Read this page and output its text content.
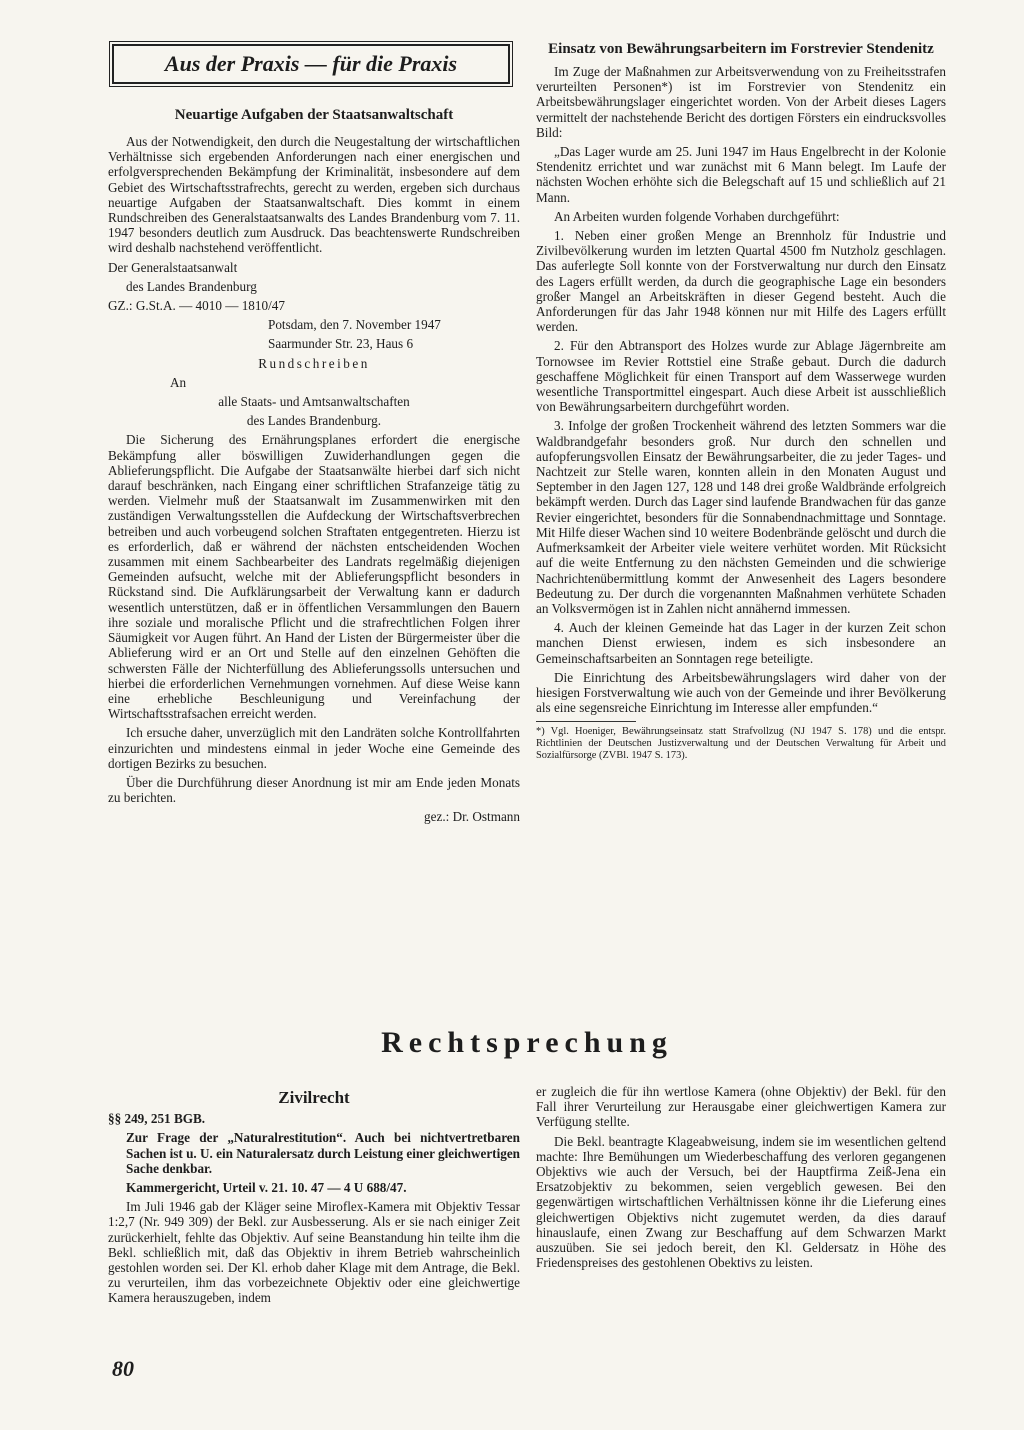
Aus der Praxis — für die Praxis
Neuartige Aufgaben der Staatsanwaltschaft

Aus der Notwendigkeit, den durch die Neugestaltung der wirtschaftlichen Verhältnisse sich ergebenden Anforderungen nach einer energischen und erfolgversprechenden Bekämpfung der Kriminalität, insbesondere auf dem Gebiet des Wirtschaftsstrafrechts, gerecht zu werden, ergeben sich durchaus neuartige Aufgaben der Staatsanwaltschaft. Dies kommt in einem Rundschreiben des Generalstaatsanwalts des Landes Brandenburg vom 7. 11. 1947 besonders deutlich zum Ausdruck. Das beachtenswerte Rundschreiben wird deshalb nachstehend veröffentlicht.

Der Generalstaatsanwalt

des Landes Brandenburg

GZ.: G.St.A. — 4010 — 1810/47

Potsdam, den 7. November 1947

Saarmunder Str. 23, Haus 6

Rundschreiben

An

alle Staats- und Amtsanwaltschaften

des Landes Brandenburg.

Die Sicherung des Ernährungsplanes erfordert die energische Bekämpfung aller böswilligen Zuwiderhandlungen gegen die Ablieferungspflicht. Die Aufgabe der Staatsanwälte hierbei darf sich nicht darauf beschränken, nach Eingang einer schriftlichen Strafanzeige tätig zu werden. Vielmehr muß der Staatsanwalt im Zusammenwirken mit den zuständigen Verwaltungsstellen die Aufdeckung der Wirtschaftsverbrechen betreiben und auch vorbeugend solchen Straftaten entgegentreten. Hierzu ist es erforderlich, daß er während der nächsten entscheidenden Wochen zusammen mit einem Sachbearbeiter des Landrats regelmäßig diejenigen Gemeinden aufsucht, welche mit der Ablieferungspflicht besonders in Rückstand sind. Die Aufklärungsarbeit der Verwaltung kann er dadurch wesentlich unterstützen, daß er in öffentlichen Versammlungen den Bauern ihre soziale und moralische Pflicht und die strafrechtlichen Folgen ihrer Säumigkeit vor Augen führt. An Hand der Listen der Bürgermeister über die Ablieferung wird er an Ort und Stelle auf den einzelnen Gehöften die schwersten Fälle der Nichterfüllung des Ablieferungssolls untersuchen und hierbei die erforderlichen Vernehmungen vornehmen. Auf diese Weise kann eine erhebliche Beschleunigung und Vereinfachung der Wirtschaftsstrafsachen erreicht werden.

Ich ersuche daher, unverzüglich mit den Landräten solche Kontrollfahrten einzurichten und mindestens einmal in jeder Woche eine Gemeinde des dortigen Bezirks zu besuchen.

Über die Durchführung dieser Anordnung ist mir am Ende jeden Monats zu berichten.

gez.: Dr. Ostmann

Einsatz von Bewährungsarbeitern im Forstrevier Stendenitz

Im Zuge der Maßnahmen zur Arbeitsverwendung von zu Freiheitsstrafen verurteilten Personen*) ist im Forstrevier von Stendenitz ein Arbeitsbewährungslager eingerichtet worden. Von der Arbeit dieses Lagers vermittelt der nachstehende Bericht des dortigen Försters ein eindrucksvolles Bild:

„Das Lager wurde am 25. Juni 1947 im Haus Engelbrecht in der Kolonie Stendenitz errichtet und war zunächst mit 6 Mann belegt. Im Laufe der nächsten Wochen erhöhte sich die Belegschaft auf 15 und schließlich auf 21 Mann.

An Arbeiten wurden folgende Vorhaben durchgeführt:

1. Neben einer großen Menge an Brennholz für Industrie und Zivilbevölkerung wurden im letzten Quartal 4500 fm Nutzholz geschlagen. Das auferlegte Soll konnte von der Forstverwaltung nur durch den Einsatz des Lagers erfüllt werden, da durch die geographische Lage ein besonders großer Mangel an Arbeitskräften in dieser Gegend besteht. Auch die Anforderungen für das Jahr 1948 können nur mit Hilfe des Lagers erfüllt werden.

2. Für den Abtransport des Holzes wurde zur Ablage Jägernbreite am Tornowsee im Revier Rottstiel eine Straße gebaut. Durch die dadurch geschaffene Möglichkeit für einen Transport auf dem Wasserwege wurden wesentliche Transportmittel eingespart. Auch diese Arbeit ist ausschließlich von Bewährungsarbeitern durchgeführt worden.

3. Infolge der großen Trockenheit während des letzten Sommers war die Waldbrandgefahr besonders groß. Nur durch den schnellen und aufopferungsvollen Einsatz der Bewährungsarbeiter, die zu jeder Tages- und Nachtzeit zur Stelle waren, konnten allein in den Monaten August und September in den Jagen 127, 128 und 148 drei große Waldbrände erfolgreich bekämpft werden. Durch das Lager sind laufende Brandwachen für das ganze Revier eingerichtet, besonders für die Sonnabendnachmittage und Sonntage. Mit Hilfe dieser Wachen sind 10 weitere Bodenbrände gelöscht und durch die Aufmerksamkeit der Arbeiter viele weitere verhütet worden. Mit Rücksicht auf die weite Entfernung zu den nächsten Gemeinden und die schwierige Nachrichtenübermittlung kommt der Anwesenheit des Lagers besondere Bedeutung zu. Der durch die vorgenannten Maßnahmen verhütete Schaden an Volksvermögen ist in Zahlen nicht annähernd immessen.

4. Auch der kleinen Gemeinde hat das Lager in der kurzen Zeit schon manchen Dienst erwiesen, indem es sich insbesondere an Gemeinschaftsarbeiten an Sonntagen rege beteiligte.

Die Einrichtung des Arbeitsbewährungslagers wird daher von der hiesigen Forstverwaltung wie auch von der Gemeinde und ihrer Bevölkerung als eine segensreiche Einrichtung im Interesse aller empfunden.“

*) Vgl. Hoeniger, Bewährungseinsatz statt Strafvollzug (NJ 1947 S. 178) und die entspr. Richtlinien der Deutschen Justizverwaltung und der Deutschen Verwaltung für Arbeit und Sozialfürsorge (ZVBl. 1947 S. 173).

Rechtsprechung
Zivilrecht

§§ 249, 251 BGB.

Zur Frage der „Naturalrestitution“. Auch bei nichtvertretbaren Sachen ist u. U. ein Naturalersatz durch Leistung einer gleichwertigen Sache denkbar.

Kammergericht, Urteil v. 21. 10. 47 — 4 U 688/47.

Im Juli 1946 gab der Kläger seine Miroflex-Kamera mit Objektiv Tessar 1:2,7 (Nr. 949 309) der Bekl. zur Ausbesserung. Als er sie nach einiger Zeit zurückerhielt, fehlte das Objektiv. Auf seine Beanstandung hin teilte ihm die Bekl. schließlich mit, daß das Objektiv in ihrem Betrieb wahrscheinlich gestohlen worden sei. Der Kl. erhob daher Klage mit dem Antrage, die Bekl. zu verurteilen, ihm das vorbezeichnete Objektiv oder eine gleichwertige Kamera herauszugeben, indem

er zugleich die für ihn wertlose Kamera (ohne Objektiv) der Bekl. für den Fall ihrer Verurteilung zur Herausgabe einer gleichwertigen Kamera zur Verfügung stellte.

Die Bekl. beantragte Klageabweisung, indem sie im wesentlichen geltend machte: Ihre Bemühungen um Wiederbeschaffung des verloren gegangenen Objektivs wie auch der Versuch, bei der Hauptfirma Zeiß-Jena ein Ersatzobjektiv zu bekommen, seien vergeblich gewesen. Bei den gegenwärtigen wirtschaftlichen Verhältnissen könne ihr die Lieferung eines gleichwertigen Objektivs nicht zugemutet werden, da dies darauf hinauslaufe, einen Zwang zur Beschaffung auf dem Schwarzen Markt auszuüben. Sie sei jedoch bereit, den Kl. Geldersatz in Höhe des Friedenspreises des gestohlenen Obektivs zu leisten.

80
